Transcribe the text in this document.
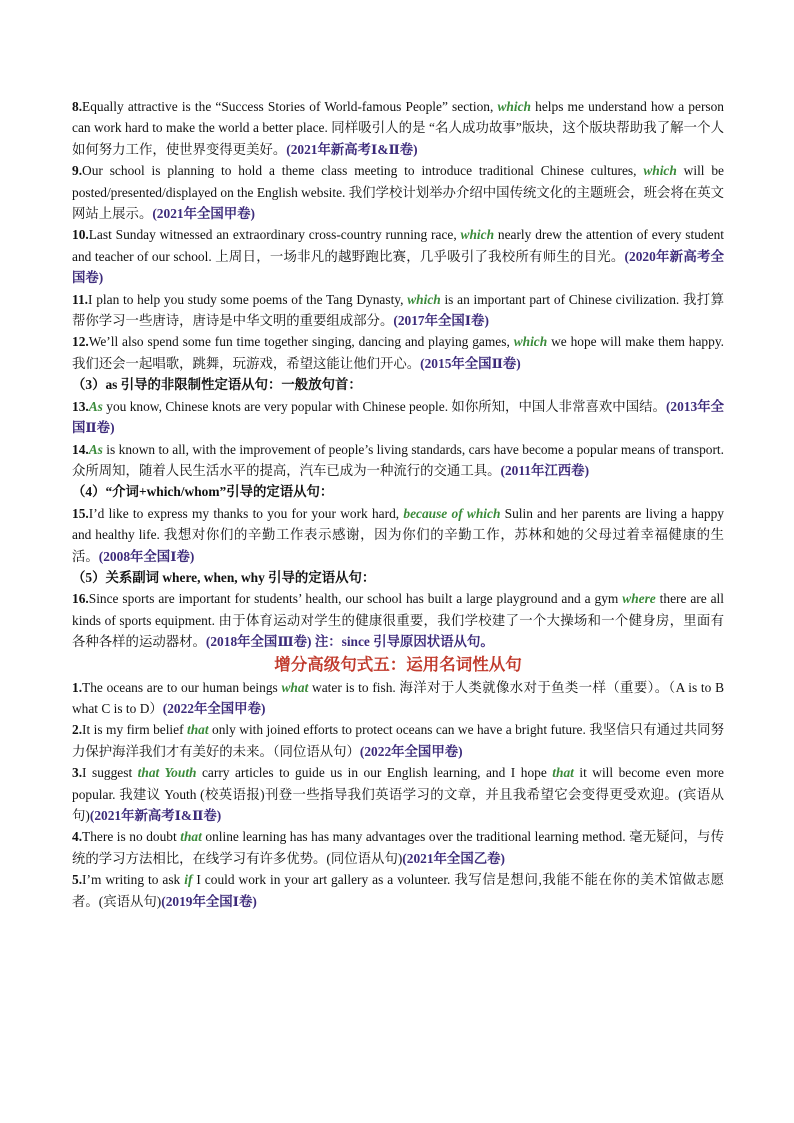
8.Equally attractive is the “Success Stories of World-famous People” section, which helps me understand how a person can work hard to make the world a better place. 同样吸引人的是 “名人成功故事”版块，这个版块帮助我了解一个人如何努力工作，使世界变得更美好。(2021年新高考Ⅰ&Ⅱ卷)

9.Our school is planning to hold a theme class meeting to introduce traditional Chinese cultures, which will be posted/presented/displayed on the English website. 我们学校计划举办介绍中国传统文化的主题班会，班会将在英文网站上展示。(2021年全国甲卷)

10.Last Sunday witnessed an extraordinary cross-country running race, which nearly drew the attention of every student and teacher of our school. 上周日，一场非凡的越野跑比赛，几乎吸引了我校所有师生的目光。(2020年新高考全国卷)

11.I plan to help you study some poems of the Tang Dynasty, which is an important part of Chinese civilization. 我打算帮你学习一些唐诗，唐诗是中华文明的重要组成部分。(2017年全国Ⅰ卷)

12.We’ll also spend some fun time together singing, dancing and playing games, which we hope will make them happy. 我们还会一起唱歌，跳舞，玩游戏，希望这能让他们开心。(2015年全国Ⅱ卷)

（3）as 引导的非限制性定语从句：一般放句首：

13.As you know, Chinese knots are very popular with Chinese people. 如你所知，中国人非常喜欢中国结。(2013年全国Ⅱ卷)

14.As is known to all, with the improvement of people’s living standards, cars have become a popular means of transport. 众所周知，随着人民生活水平的提高，汽车已成为一种流行的交通工具。(2011年江西卷)

（4）“介词+which/whom”引导的定语从句：

15.I’d like to express my thanks to you for your work hard, because of which Sulin and her parents are living a happy and healthy life. 我想对你们的辛勤工作表示感谢，因为你们的辛勤工作，苏林和她的父母过着幸福健康的生活。(2008年全国Ⅰ卷)

（5）关系副词 where, when, why 引导的定语从句：

16.Since sports are important for students’ health, our school has built a large playground and a gym where there are all kinds of sports equipment. 由于体育运动对学生的健康很重要，我们学校建了一个大操场和一个健身房，里面有各种各样的运动器材。(2018年全国Ⅲ卷) 注：since 引导原因状语从句。

增分高级句式五：运用名词性从句

1.The oceans are to our human beings what water is to fish. 海洋对于人类就像水对于鱼类一样（重要）。（A is to B what C is to D）(2022年全国甲卷)

2.It is my firm belief that only with joined efforts to protect oceans can we have a bright future. 我坚信只有通过共同努力保护海洋我们才有美好的未来。（同位语从句）(2022年全国甲卷)

3.I suggest that Youth carry articles to guide us in our English learning, and I hope that it will become even more popular. 我建议 Youth (校英语报)刊登一些指导我们英语学习的文章，并且我希望它会变得更受欢迎。(宾语从句)(2021年新高考Ⅰ&Ⅱ卷)

4.There is no doubt that online learning has has many advantages over the traditional learning method. 毫无疑问，与传统的学习方法相比，在线学习有许多优势。(同位语从句)(2021年全国乙卷)

5.I’m writing to ask if I could work in your art gallery as a volunteer. 我写信是想问,我能不能在你的美术馆做志愿者。(宾语从句)(2019年全国Ⅰ卷)
